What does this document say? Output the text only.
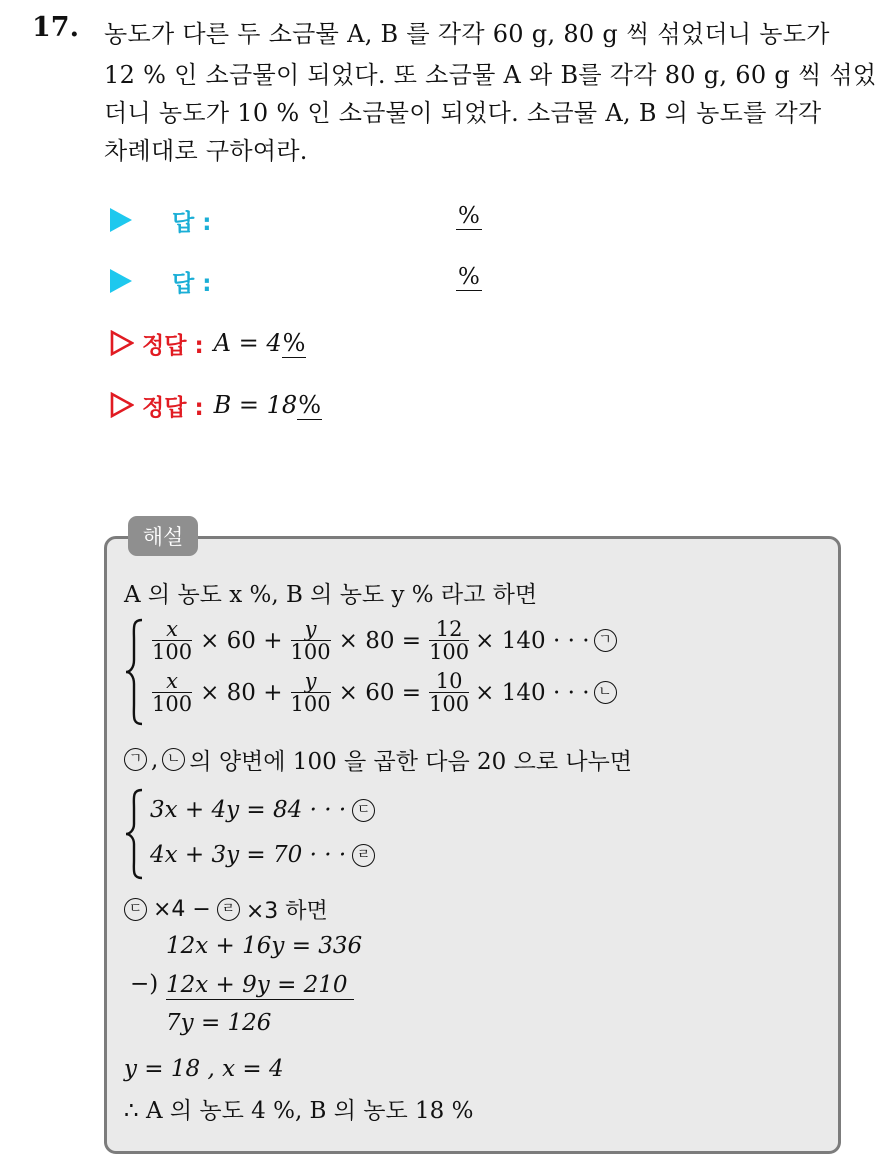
17. 농도가 다른 두 소금물 A, B 를 각각 60 g, 80 g 씩 섞었더니 농도가
12 % 인 소금물이 되었다. 또 소금물 A 와 B를 각각 80 g, 60 g 씩 섞었
더니 농도가 10 % 인 소금물이 되었다. 소금물 A, B 의 농도를 각각
차례대로 구하여라.
답 :	%
답 :	%
정답 : A = 4 %
정답 : B = 18 %
해설
A 의 농도 x %, B 의 농도 y % 라고 하면
$\frac{x}{100} \times 60 + \frac{y}{100} \times 80 = \frac{12}{100} \times 140$ · · · ㄱ
$\frac{x}{100} \times 80 + \frac{y}{100} \times 60 = \frac{10}{100} \times 140$ · · · ㄴ
ㄱ , ㄴ 의 양변에 100 을 곱한 다음 20 으로 나누면
3x + 4y = 84 · · · ㄷ
4x + 3y = 70 · · · ㄹ
ㄷ ×4 − ㄹ ×3 하면
12x + 16y = 336
−) 12x + 9y = 210
7y = 126
y = 18 , x = 4
∴ A 의 농도 4 %, B 의 농도 18 %
